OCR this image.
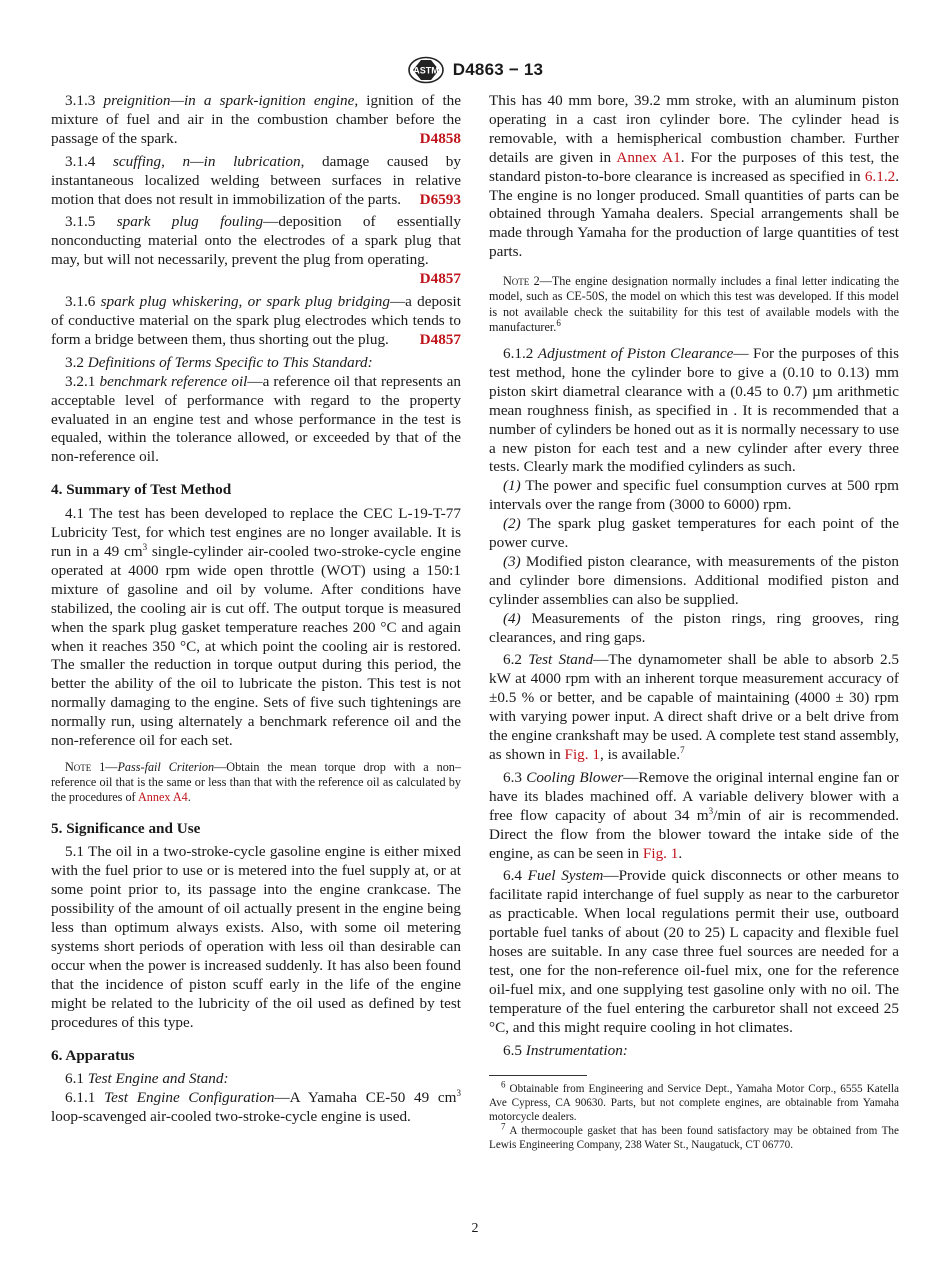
ASTM D4863 − 13

3.1.3 preignition—in a spark-ignition engine, ignition of the mixture of fuel and air in the combustion chamber before the passage of the spark.	D4858

3.1.4 scuffing, n—in lubrication, damage caused by instantaneous localized welding between surfaces in relative motion that does not result in immobilization of the parts.	D6593

3.1.5 spark plug fouling—deposition of essentially nonconducting material onto the electrodes of a spark plug that may, but will not necessarily, prevent the plug from operating.

D4857

3.1.6 spark plug whiskering, or spark plug bridging—a deposit of conductive material on the spark plug electrodes which tends to form a bridge between them, thus shorting out the plug.	D4857

3.2 Definitions of Terms Specific to This Standard:

3.2.1 benchmark reference oil—a reference oil that represents an acceptable level of performance with regard to the property evaluated in an engine test and whose performance in the test is equaled, within the tolerance allowed, or exceeded by that of the non-reference oil.

4. Summary of Test Method

4.1 The test has been developed to replace the CEC L-19-T-77 Lubricity Test, for which test engines are no longer available. It is run in a 49 $cm^3$ single-cylinder air-cooled two-stroke-cycle engine operated at 4000 rpm wide open throttle (WOT) using a 150:1 mixture of gasoline and oil by volume. After conditions have stabilized, the cooling air is cut off. The output torque is measured when the spark plug gasket temperature reaches 200 °C and again when it reaches 350 °C, at which point the cooling air is restored. The smaller the reduction in torque output during this period, the better the ability of the oil to lubricate the piston. This test is not normally damaging to the engine. Sets of five such tightenings are normally run, using alternately a benchmark reference oil and the non-reference oil for each set.

Note 1—Pass-fail Criterion—Obtain the mean torque drop with a non–reference oil that is the same or less than that with the reference oil as calculated by the procedures of Annex A4.

5. Significance and Use

5.1 The oil in a two-stroke-cycle gasoline engine is either mixed with the fuel prior to use or is metered into the fuel supply at, or at some point prior to, its passage into the engine crankcase. The possibility of the amount of oil actually present in the engine being less than optimum always exists. Also, with some oil metering systems short periods of operation with less oil than desirable can occur when the power is increased suddenly. It has also been found that the incidence of piston scuff early in the life of the engine might be related to the lubricity of the oil used as defined by test procedures of this type.

6. Apparatus

6.1 Test Engine and Stand:

6.1.1 Test Engine Configuration—A Yamaha CE-50 49 $cm^3$ loop-scavenged air-cooled two-stroke-cycle engine is used.

This has 40 mm bore, 39.2 mm stroke, with an aluminum piston operating in a cast iron cylinder bore. The cylinder head is removable, with a hemispherical combustion chamber. Further details are given in Annex A1. For the purposes of this test, the standard piston-to-bore clearance is increased as specified in 6.1.2. The engine is no longer produced. Small quantities of parts can be obtained through Yamaha dealers. Special arrangements shall be made through Yamaha for the production of large quantities of test parts.

Note 2—The engine designation normally includes a final letter indicating the model, such as CE-50S, the model on which this test was developed. If this model is not available check the suitability for this test of available models with the manufacturer.$^6$

6.1.2 Adjustment of Piston Clearance— For the purposes of this test method, hone the cylinder bore to give a (0.10 to 0.13) mm piston skirt diametral clearance with a (0.45 to 0.7) µm arithmetic mean roughness finish, as specified in . It is recommended that a number of cylinders be honed out as it is normally necessary to use a new piston for each test and a new cylinder after every three tests. Clearly mark the modified cylinders as such.

(1) The power and specific fuel consumption curves at 500 rpm intervals over the range from (3000 to 6000) rpm.

(2) The spark plug gasket temperatures for each point of the power curve.

(3) Modified piston clearance, with measurements of the piston and cylinder bore dimensions. Additional modified piston and cylinder assemblies can also be supplied.

(4) Measurements of the piston rings, ring grooves, ring clearances, and ring gaps.

6.2 Test Stand—The dynamometer shall be able to absorb 2.5 kW at 4000 rpm with an inherent torque measurement accuracy of ±0.5 % or better, and be capable of maintaining (4000 ± 30) rpm with varying power input. A direct shaft drive or a belt drive from the engine crankshaft may be used. A complete test stand assembly, as shown in Fig. 1, is available.$^7$

6.3 Cooling Blower—Remove the original internal engine fan or have its blades machined off. A variable delivery blower with a free flow capacity of about 34 $m^3/\min$ of air is recommended. Direct the flow from the blower toward the intake side of the engine, as can be seen in Fig. 1.

6.4 Fuel System—Provide quick disconnects or other means to facilitate rapid interchange of fuel supply as near to the carburetor as practicable. When local regulations permit their use, outboard portable fuel tanks of about (20 to 25) L capacity and flexible fuel hoses are suitable. In any case three fuel sources are needed for a test, one for the non-reference oil-fuel mix, one for the reference oil-fuel mix, and one supplying test gasoline only with no oil. The temperature of the fuel entering the carburetor shall not exceed 25 °C, and this might require cooling in hot climates.

6.5 Instrumentation:

$^6$ Obtainable from Engineering and Service Dept., Yamaha Motor Corp., 6555 Katella Ave Cypress, CA 90630. Parts, but not complete engines, are obtainable from Yamaha motorcycle dealers.

$^7$ A thermocouple gasket that has been found satisfactory may be obtained from The Lewis Engineering Company, 238 Water St., Naugatuck, CT 06770.

2
